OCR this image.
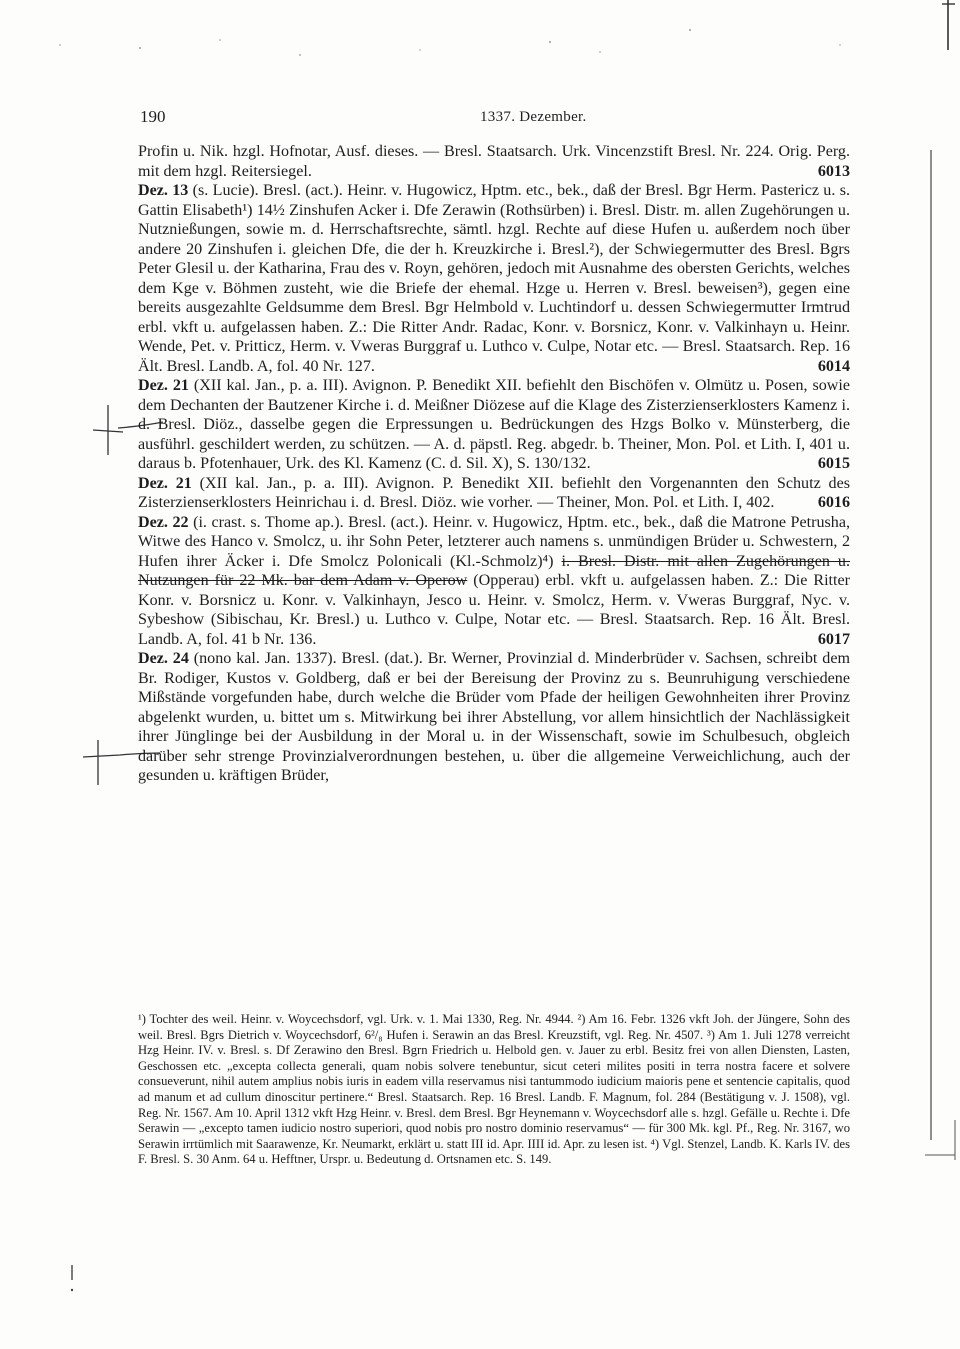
190	1337. Dezember.

Profin u. Nik. hzgl. Hofnotar, Ausf. dieses. — Bresl. Staatsarch. Urk. Vincenzstift Bresl. Nr. 224. Orig. Perg. mit dem hzgl. Reitersiegel.	6013

Dez. 13 (s. Lucie). Bresl. (act.). Heinr. v. Hugowicz, Hptm. etc., bek., daß der Bresl. Bgr Herm. Pastericz u. s. Gattin Elisabeth¹) 14½ Zinshufen Acker i. Dfe Zerawin (Rothsürben) i. Bresl. Distr. m. allen Zugehörungen u. Nutznießungen, sowie m. d. Herrschaftsrechte, sämtl. hzgl. Rechte auf diese Hufen u. außerdem noch über andere 20 Zinshufen i. gleichen Dfe, die der h. Kreuzkirche i. Bresl.²), der Schwiegermutter des Bresl. Bgrs Peter Glesil u. der Katharina, Frau des v. Royn, gehören, jedoch mit Ausnahme des obersten Gerichts, welches dem Kge v. Böhmen zusteht, wie die Briefe der ehemal. Hzge u. Herren v. Bresl. beweisen³), gegen eine bereits ausgezahlte Geldsumme dem Bresl. Bgr Helmbold v. Luchtindorf u. dessen Schwiegermutter Irmtrud erbl. vkft u. aufgelassen haben. Z.: Die Ritter Andr. Radac, Konr. v. Borsnicz, Konr. v. Valkinhayn u. Heinr. Wende, Pet. v. Pritticz, Herm. v. Vweras Burggraf u. Luthco v. Culpe, Notar etc. — Bresl. Staatsarch. Rep. 16 Ält. Bresl. Landb. A, fol. 40 Nr. 127.	6014

Dez. 21 (XII kal. Jan., p. a. III). Avignon. P. Benedikt XII. befiehlt den Bischöfen v. Olmütz u. Posen, sowie dem Dechanten der Bautzener Kirche i. d. Meißner Diözese auf die Klage des Zisterzienserklosters Kamenz i. d. Bresl. Diöz., dasselbe gegen die Erpressungen u. Bedrückungen des Hzgs Bolko v. Münsterberg, die ausführl. geschildert werden, zu schützen. — A. d. päpstl. Reg. abgedr. b. Theiner, Mon. Pol. et Lith. I, 401 u. daraus b. Pfotenhauer, Urk. des Kl. Kamenz (C. d. Sil. X), S. 130/132.	6015

Dez. 21 (XII kal. Jan., p. a. III). Avignon. P. Benedikt XII. befiehlt den Vorgenannten den Schutz des Zisterzienserklosters Heinrichau i. d. Bresl. Diöz. wie vorher. — Theiner, Mon. Pol. et Lith. I, 402.	6016

Dez. 22 (i. crast. s. Thome ap.). Bresl. (act.). Heinr. v. Hugowicz, Hptm. etc., bek., daß die Matrone Petrusha, Witwe des Hanco v. Smolcz, u. ihr Sohn Peter, letzterer auch namens s. unmündigen Brüder u. Schwestern, 2 Hufen ihrer Äcker i. Dfe Smolcz Polonicali (Kl.-Schmolz)⁴) i. Bresl. Distr. mit allen Zugehörungen u. Nutzungen für 22 Mk. bar dem Adam v. Operow (Opperau) erbl. vkft u. aufgelassen haben. Z.: Die Ritter Konr. v. Borsnicz u. Konr. v. Valkinhayn, Jesco u. Heinr. v. Smolcz, Herm. v. Vweras Burggraf, Nyc. v. Sybeshow (Sibischau, Kr. Bresl.) u. Luthco v. Culpe, Notar etc. — Bresl. Staatsarch. Rep. 16 Ält. Bresl. Landb. A, fol. 41 b Nr. 136.	6017

Dez. 24 (nono kal. Jan. 1337). Bresl. (dat.). Br. Werner, Provinzial d. Minderbrüder v. Sachsen, schreibt dem Br. Rodiger, Kustos v. Goldberg, daß er bei der Bereisung der Provinz zu s. Beunruhigung verschiedene Mißstände vorgefunden habe, durch welche die Brüder vom Pfade der heiligen Gewohnheiten ihrer Provinz abgelenkt wurden, u. bittet um s. Mitwirkung bei ihrer Abstellung, vor allem hinsichtlich der Nachlässigkeit ihrer Jünglinge bei der Ausbildung in der Moral u. in der Wissenschaft, sowie im Schulbesuch, obgleich darüber sehr strenge Provinzialverordnungen bestehen, u. über die allgemeine Verweichlichung, auch der gesunden u. kräftigen Brüder,

¹) Tochter des weil. Heinr. v. Woycechsdorf, vgl. Urk. v. 1. Mai 1330, Reg. Nr. 4944. ²) Am 16. Febr. 1326 vkft Joh. der Jüngere, Sohn des weil. Bresl. Bgrs Dietrich v. Woycechsdorf, 6²/₈ Hufen i. Serawin an das Bresl. Kreuzstift, vgl. Reg. Nr. 4507. ³) Am 1. Juli 1278 verreicht Hzg Heinr. IV. v. Bresl. s. Df Zerawino den Bresl. Bgrn Friedrich u. Helbold gen. v. Jauer zu erbl. Besitz frei von allen Diensten, Lasten, Geschossen etc. „excepta collecta generali, quam nobis solvere tenebuntur, sicut ceteri milites positi in terra nostra facere et solvere consueverunt, nihil autem amplius nobis iuris in eadem villa reservamus nisi tantummodo iudicium maioris pene et sentencie capitalis, quod ad manum et ad cullum dinoscitur pertinere.“ Bresl. Staatsarch. Rep. 16 Bresl. Landb. F. Magnum, fol. 284 (Bestätigung v. J. 1508), vgl. Reg. Nr. 1567. Am 10. April 1312 vkft Hzg Heinr. v. Bresl. dem Bresl. Bgr Heynemann v. Woycechsdorf alle s. hzgl. Gefälle u. Rechte i. Dfe Serawin — „excepto tamen iudicio nostro superiori, quod nobis pro nostro dominio reservamus“ — für 300 Mk. kgl. Pf., Reg. Nr. 3167, wo Serawin irrtümlich mit Saarawenze, Kr. Neumarkt, erklärt u. statt III id. Apr. IIII id. Apr. zu lesen ist. ⁴) Vgl. Stenzel, Landb. K. Karls IV. des F. Bresl. S. 30 Anm. 64 u. Hefftner, Urspr. u. Bedeutung d. Ortsnamen etc. S. 149.
